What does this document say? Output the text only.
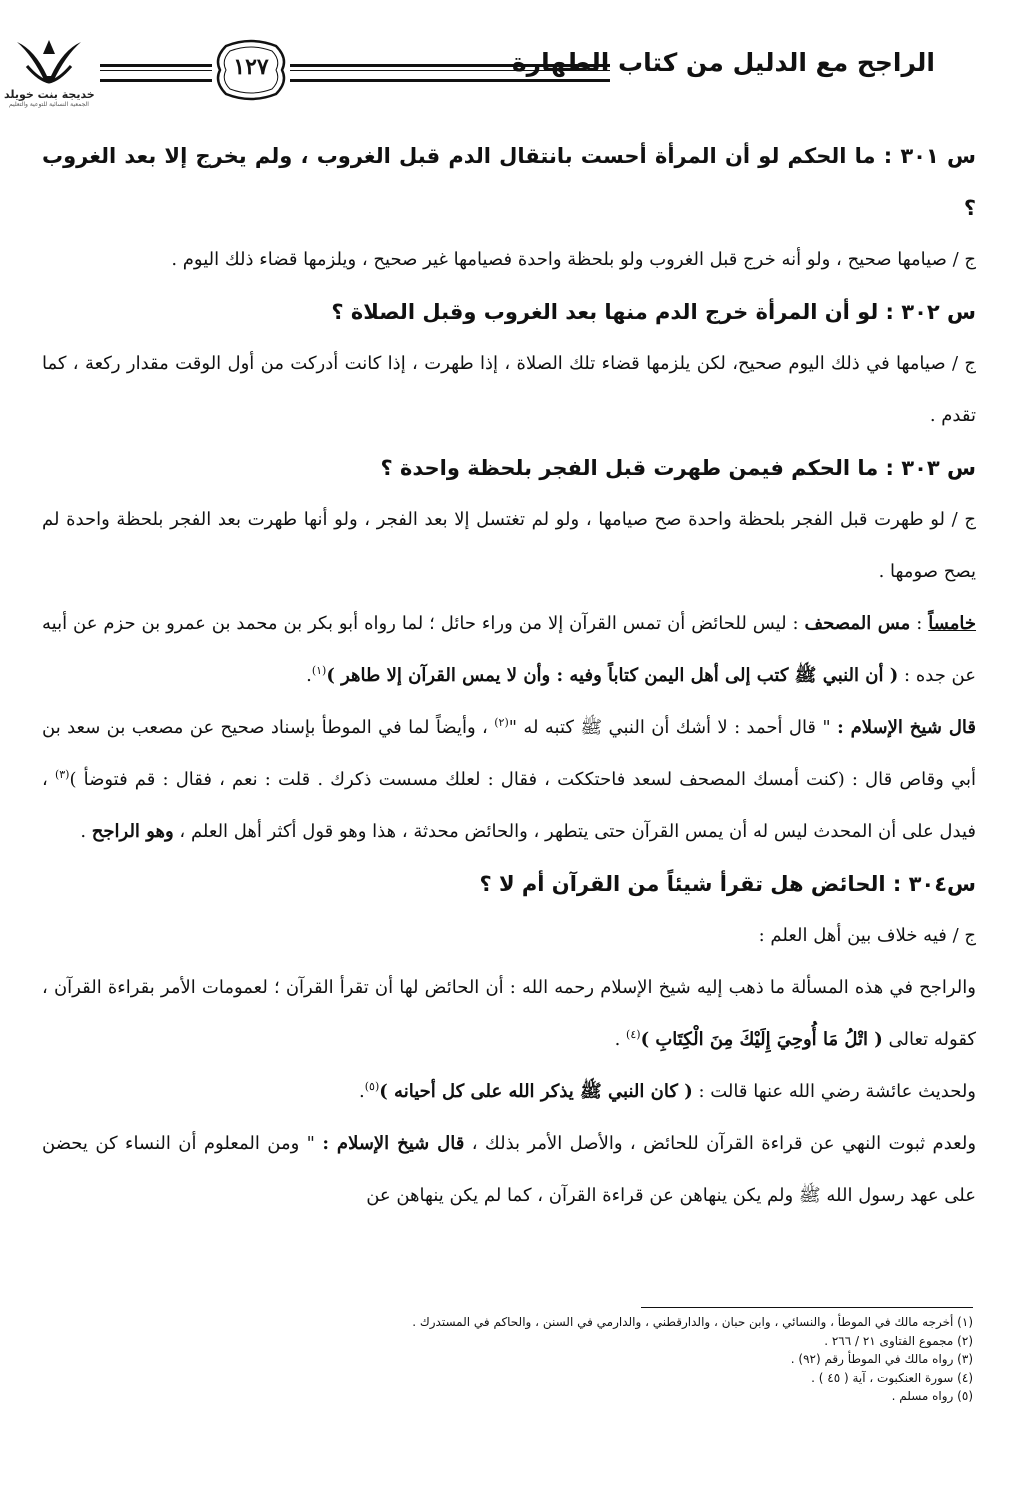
خديجة بنت خويلد
الجمعية النسائية للتوعية والتعليم
١٢٧	الراجح مع الدليل من كتاب الطهارة

س ٣٠١ : ما الحكم لو أن المرأة أحست بانتقال الدم قبل الغروب ، ولم يخرج إلا بعد الغروب ؟

ج / صيامها صحيح ، ولو أنه خرج قبل الغروب ولو بلحظة واحدة فصيامها غير صحيح ، ويلزمها قضاء ذلك اليوم .

س ٣٠٢ : لو أن المرأة خرج الدم منها بعد الغروب وقبل الصلاة ؟

ج / صيامها في ذلك اليوم صحيح، لكن يلزمها قضاء تلك الصلاة ، إذا طهرت ، إذا كانت أدركت من أول الوقت مقدار ركعة ، كما تقدم .

س ٣٠٣ : ما الحكم فيمن طهرت قبل الفجر بلحظة واحدة ؟

ج / لو طهرت قبل الفجر بلحظة واحدة صح صيامها ، ولو لم تغتسل إلا بعد الفجر ، ولو أنها طهرت بعد الفجر بلحظة واحدة لم يصح صومها .

خامساً : مس المصحف : ليس للحائض أن تمس القرآن إلا من وراء حائل ؛ لما رواه أبو بكر بن محمد بن عمرو بن حزم عن أبيه عن جده : ( أن النبي ﷺ كتب إلى أهل اليمن كتاباً وفيه : وأن لا يمس القرآن إلا طاهر )$^{(١)}$.

قال شيخ الإسلام : " قال أحمد : لا أشك أن النبي ﷺ كتبه له "$^{(٢)}$ ، وأيضاً لما في الموطأ بإسناد صحيح عن مصعب بن سعد بن أبي وقاص قال : (كنت أمسك المصحف لسعد فاحتككت ، فقال : لعلك مسست ذكرك . قلت : نعم ، فقال : قم فتوضأ )$^{(٣)}$ ، فيدل على أن المحدث ليس له أن يمس القرآن حتى يتطهر ، والحائض محدثة ، هذا وهو قول أكثر أهل العلم ، وهو الراجح .

س٣٠٤ : الحائض هل تقرأ شيئاً من القرآن أم لا ؟

ج / فيه خلاف بين أهل العلم :

والراجح في هذه المسألة ما ذهب إليه شيخ الإسلام رحمه الله : أن الحائض لها أن تقرأ القرآن ؛ لعمومات الأمر بقراءة القرآن ، كقوله تعالى ( اتْلُ مَا أُوحِيَ إِلَيْكَ مِنَ الْكِتَابِ )$^{(٤)}$ .

ولحديث عائشة رضي الله عنها قالت : ( كان النبي ﷺ يذكر الله على كل أحيانه )$^{(٥)}$.

ولعدم ثبوت النهي عن قراءة القرآن للحائض ، والأصل الأمر بذلك ، قال شيخ الإسلام : " ومن المعلوم أن النساء كن يحضن على عهد رسول الله ﷺ ولم يكن ينهاهن عن قراءة القرآن ، كما لم يكن ينهاهن عن

(١) أخرجه مالك في الموطأ ، والنسائي ، وابن حبان ، والدارقطني ، والدارمي في السنن ، والحاكم في المستدرك .
(٢) مجموع الفتاوى ٢١ / ٢٦٦ .
(٣) رواه مالك في الموطأ رقم (٩٢) .
(٤) سورة العنكبوت ، آية ( ٤٥ ) .
(٥) رواه مسلم .
